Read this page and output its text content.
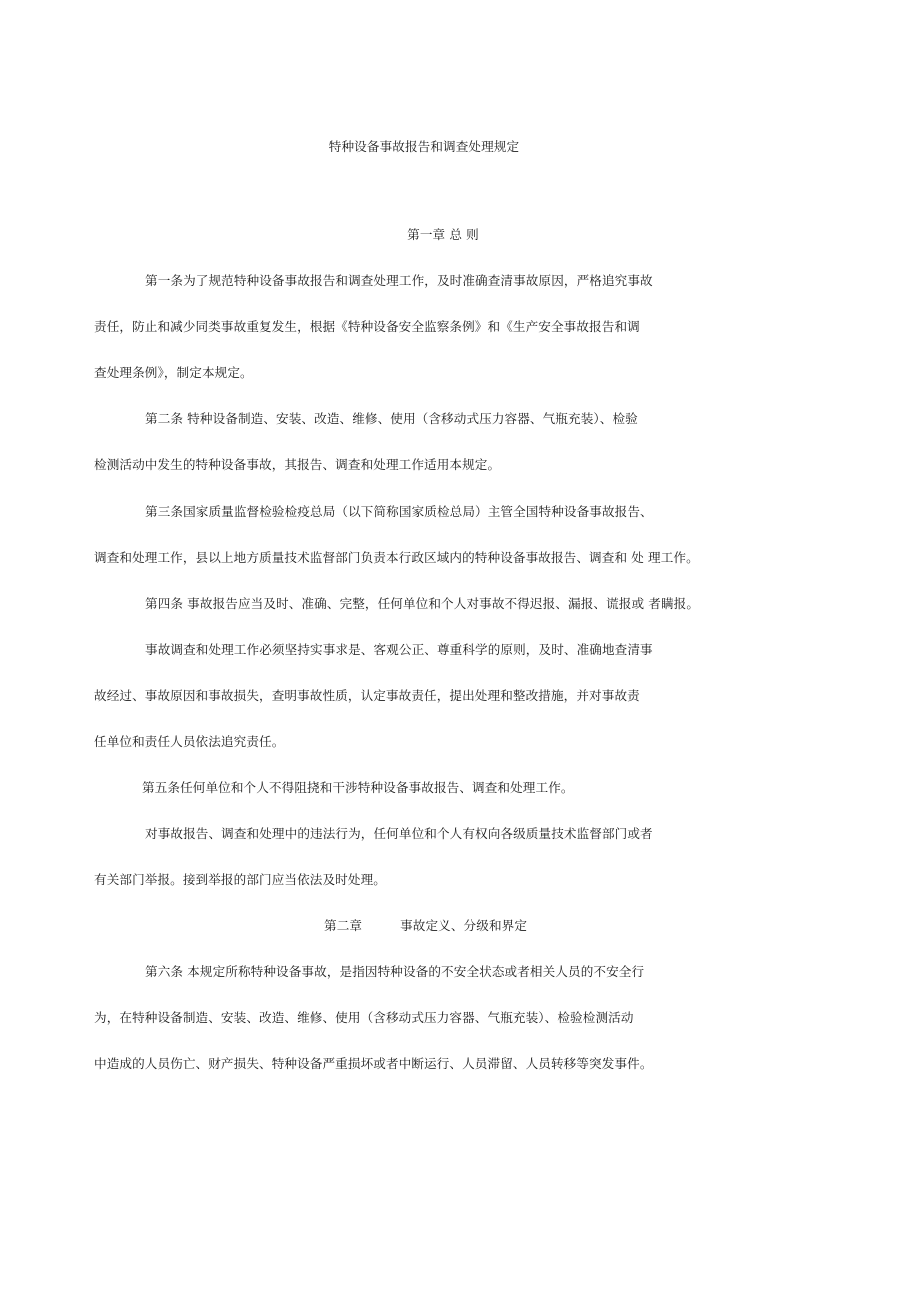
特种设备事故报告和调查处理规定
第一章 总 则
第一条为了规范特种设备事故报告和调查处理工作，及时准确查清事故原因，严格追究事故
责任，防止和减少同类事故重复发生，根据《特种设备安全监察条例》和《生产安全事故报告和调
查处理条例》，制定本规定。
第二条 特种设备制造、安装、改造、维修、使用（含移动式压力容器、气瓶充装）、检验
检测活动中发生的特种设备事故，其报告、调查和处理工作适用本规定。
第三条国家质量监督检验检疫总局（以下简称国家质检总局）主管全国特种设备事故报告、
调查和处理工作，县以上地方质量技术监督部门负责本行政区域内的特种设备事故报告、调查和 处 理工作。
第四条 事故报告应当及时、准确、完整，任何单位和个人对事故不得迟报、漏报、谎报或 者瞒报。
事故调查和处理工作必须坚持实事求是、客观公正、尊重科学的原则，及时、准确地查清事
故经过、事故原因和事故损失，查明事故性质，认定事故责任，提出处理和整改措施，并对事故责
任单位和责任人员依法追究责任。
第五条任何单位和个人不得阻挠和干涉特种设备事故报告、调查和处理工作。
对事故报告、调查和处理中的违法行为，任何单位和个人有权向各级质量技术监督部门或者
有关部门举报。接到举报的部门应当依法及时处理。
第二章	事故定义、分级和界定
第六条 本规定所称特种设备事故，是指因特种设备的不安全状态或者相关人员的不安全行
为，在特种设备制造、安装、改造、维修、使用（含移动式压力容器、气瓶充装）、检验检测活动
中造成的人员伤亡、财产损失、特种设备严重损坏或者中断运行、人员滞留、人员转移等突发事件。
